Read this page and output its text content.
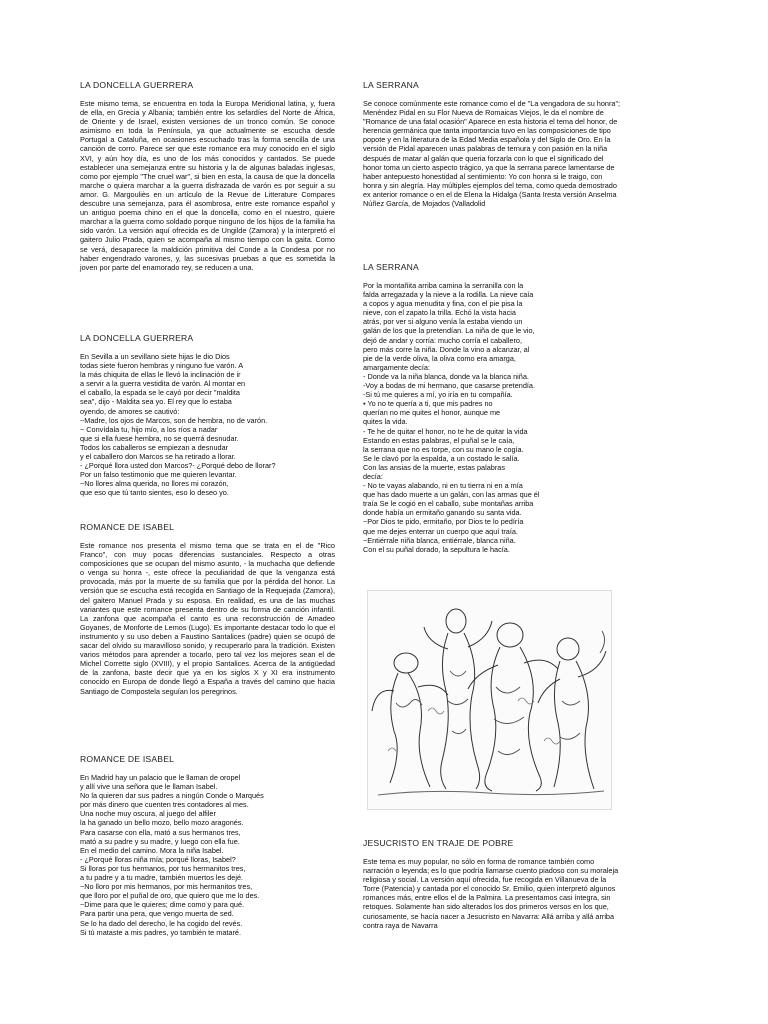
LA DONCELLA GUERRERA

Este mismo tema, se encuentra en toda la Europa Meridional latina, y, fuera de ella, en Grecia y Albania; también entre los sefardíes del Norte de África, de Oriente y de Israel, existen versiones de un tronco común. Se conoce asimismo en toda la Península, ya que actualmente se escucha desde Portugal a Cataluña, en ocasiones escuchado tras la forma sencilla de una canción de corro. Parece ser que este romance era muy conocido en el siglo XVI, y aún hoy día, es uno de los más conocidos y cantados. Se puede establecer una semejanza entre su historia y la de algunas baladas inglesas, como por ejemplo "The cruel war", si bien en esta, la causa de que la doncella marche o quiera marchar a la guerra disfrazada de varón es por seguir a su amor. G. Margouliès en un artículo de la Revue de Litterature Compares descubre una semejanza, para él asombrosa, entre este romance español y un antiguo poema chino en el que la doncella, como en el nuestro, quiere marchar a la guerra como soldado porque ninguno de los hijos de la familia ha sido varón. La versión aquí ofrecida es de Ungilde (Zamora) y la interpretó el gaitero Julio Prada, quien se acompaña al mismo tiempo con la gaita. Como se verá, desaparece la maldición primitiva del Conde a la Condesa por no haber engendrado varones, y, las sucesivas pruebas a que es sometida la joven por parte del enamorado rey, se reducen a una.

LA DONCELLA GUERRERA

En Sevilla a un sevillano siete hijas le dio Dios
todas siete fueron hembras y ninguno fue varón. A
la más chiquita de ellas le llevó la inclinación de ir
a servir a la guerra vestidita de varón. Al montar en
el caballo, la espada se le cayó por decir "maldita
sea", dijo - Maldita sea yo. El rey que lo estaba
oyendo, de amores se cautivó:
~Madre, los ojos de Marcos, son de hembra, no de varón.
~ Convídala tu, hijo mío, a los ríos a nadar
que si ella fuese hembra, no se querrá desnudar.
Todos los caballeros se empiezan a desnudar
y el caballero don Marcos se ha retirado a llorar.
- ¿Porqué llora usted don Marcos?- ¿Porqué debo de llorar?
Por un falso testimonio que me quieren levantar.
~No llores alma querida, no llores mi corazón,
que eso que tú tanto sientes, eso lo deseo yo.

ROMANCE DE ISABEL

Este romance nos presenta el mismo tema que se trata en el de "Rico Franco", con muy pocas diferencias sustanciales. Respecto a otras composiciones que se ocupan del mismo asunto, - la muchacha que defiende o venga su honra -, este ofrece la peculiaridad de que la venganza está provocada, más por la muerte de su familia que por la pérdida del honor. La versión que se escucha está recogida en Santiago de la Requejada (Zamora), del gaitero Manuel Prada y su esposa. En realidad, es una de las muchas variantes que este romance presenta dentro de su forma de canción infantil. La zanfona que acompaña el canto es una reconstrucción de Amadeo Goyanes, de Monforte de Lemos (Lugo). Es importante destacar todo lo que el instrumento y su uso deben a Faustino Santalices (padre) quien se ocupó de sacar del olvido su maravilloso sonido, y recuperarlo para la tradición. Existen varios métodos para aprender a tocarlo, pero tal vez los mejores sean el de Michel Corrette siglo (XVIII), y el propio Santalices. Acerca de la antigüedad de la zanfona, baste decir que ya en los siglos X y XI era instrumento conocido en Europa de donde llegó a España a través del camino que hacia Santiago de Compostela seguían los peregrinos.

ROMANCE DE ISABEL

En Madrid hay un palacio que le llaman de oropel
y allí vive una señora que le llaman Isabel.
No la quieren dar sus padres a ningún Conde o Marqués
por más dinero que cuenten tres contadores al mes.
Una noche muy oscura, al juego del alfiler
la ha ganado un bello mozo, bello mozo aragonés.
Para casarse con ella, mató a sus hermanos tres,
mató a su padre y su madre, y luego con ella fue.
En el medio del camino. Mora la niña Isabel.
- ¿Porqué lloras niña mía; porqué lloras, Isabel?
Si lloras por tus hermanos, por tus hermanitos tres,
a tu padre y a tu madre, también muertos les dejé.
~No lloro por mis hermanos, por mis hermanitos tres,
que lloro por el puñal de oro, que quiero que me lo des.
~Dime para que le quieres; dime como y para qué.
Para partir una pera, que vengo muerta de sed.
Se lo ha dado del derecho, le ha cogido del revés.
Si tú mataste a mis padres, yo también te mataré.

LA SERRANA

Se conoce comúnmente este romance como el de "La vengadora de su honra"; Menéndez Pidal en su Flor Nueva de Romaicas Viejos, le da el nombre de "Romance de una fatal ocasión" Aparece en esta historia el tema del honor, de herencia germánica que tanta importancia tuvo en las composiciones de tipo popote y en la literatura de la Edad Media española y del Siglo de Oro. En la versión de Pidal aparecen unas palabras de ternura y con pasión en la niña después de matar al galán que queria forzarla con lo que el significado del honor toma un cierto aspecto trágico, ya que la serrana parece lamentarse de haber antepuesto honestidad al sentimiento: Yo con honra si le traigo, con honra y sin alegría. Hay múltiples ejemplos del tema, como queda demostrado ex anterior romance o en el de Elena la Hidalga (Santa Iresta versión Anselma Núñez García, de Mojados (Valladolid

LA SERRANA

Por la montañita arriba camina la serranilla con la
falda arregazada y la nieve a la rodilla. La nieve caía
a copos y agua menudita y fina, con el pie pisa la
nieve, con el zapato la trilla. Echó la vista hacia
atrás, por ver si alguno venía la estaba viendo un
galán de los que la pretendían. La niña de que le vio,
dejó de andar y corría: mucho corría el caballero,
pero más corre la niña. Donde la vino a alcanzar, al
pie de la verde oliva, la oliva como era amarga,
amargamente decía:
- Donde va la niña blanca, donde va la blanca niña.
-Voy a bodas de mi hermano, que casarse pretendía.
-Si tú me quieres a mí, yo iría en tu compañía.
▪ Yo no te quería a ti, que mis padres no
querían no me quites el honor, aunque me
quites la vida.
- Te he de quitar el honor, no te he de quitar la vida
Estando en estas palabras, el puñal se le caía,
la serrana que no es torpe, con su mano le cogía.
Se le clavó por la espalda, a un costado le salía.
Con las ansias de la muerte, estas palabras
decía:
- No te vayas alabando, ni en tu tierra ni en a mía
que has dado muerte a un galán, con las armas que él
traía Se le cogió en el caballo, sube montañas arriba
donde había un ermitaño ganando su santa vida.
~Por Dios te pido, ermitaño, por Dios te lo pedíría
que me dejes enterrar un cuerpo que aquí traía.
~Entiérrale niña blanca, entiérrale, blanca niña.
Con el su puñal dorado, la sepultura le hacía.

JESUCRISTO EN TRAJE DE POBRE

Este tema es muy popular, no sólo en forma de romance también como narración o leyenda; es lo que podría llamarse cuento piadoso con su moraleja religiosa y social. La versión aquí ofrecida, fue recogida en Villanueva de la Torre (Patencia) y cantada por el conocido Sr. Emilio, quien interpretó algunos romances más, entre ellos el de la Palmira. La presentamos casi íntegra, sin retoques. Solamente han sido alterados los dos primeros versos en los que, curiosamente, se hacía nacer a Jesucristo en Navarra: Allá arriba y allá arriba contra raya de Navarra
